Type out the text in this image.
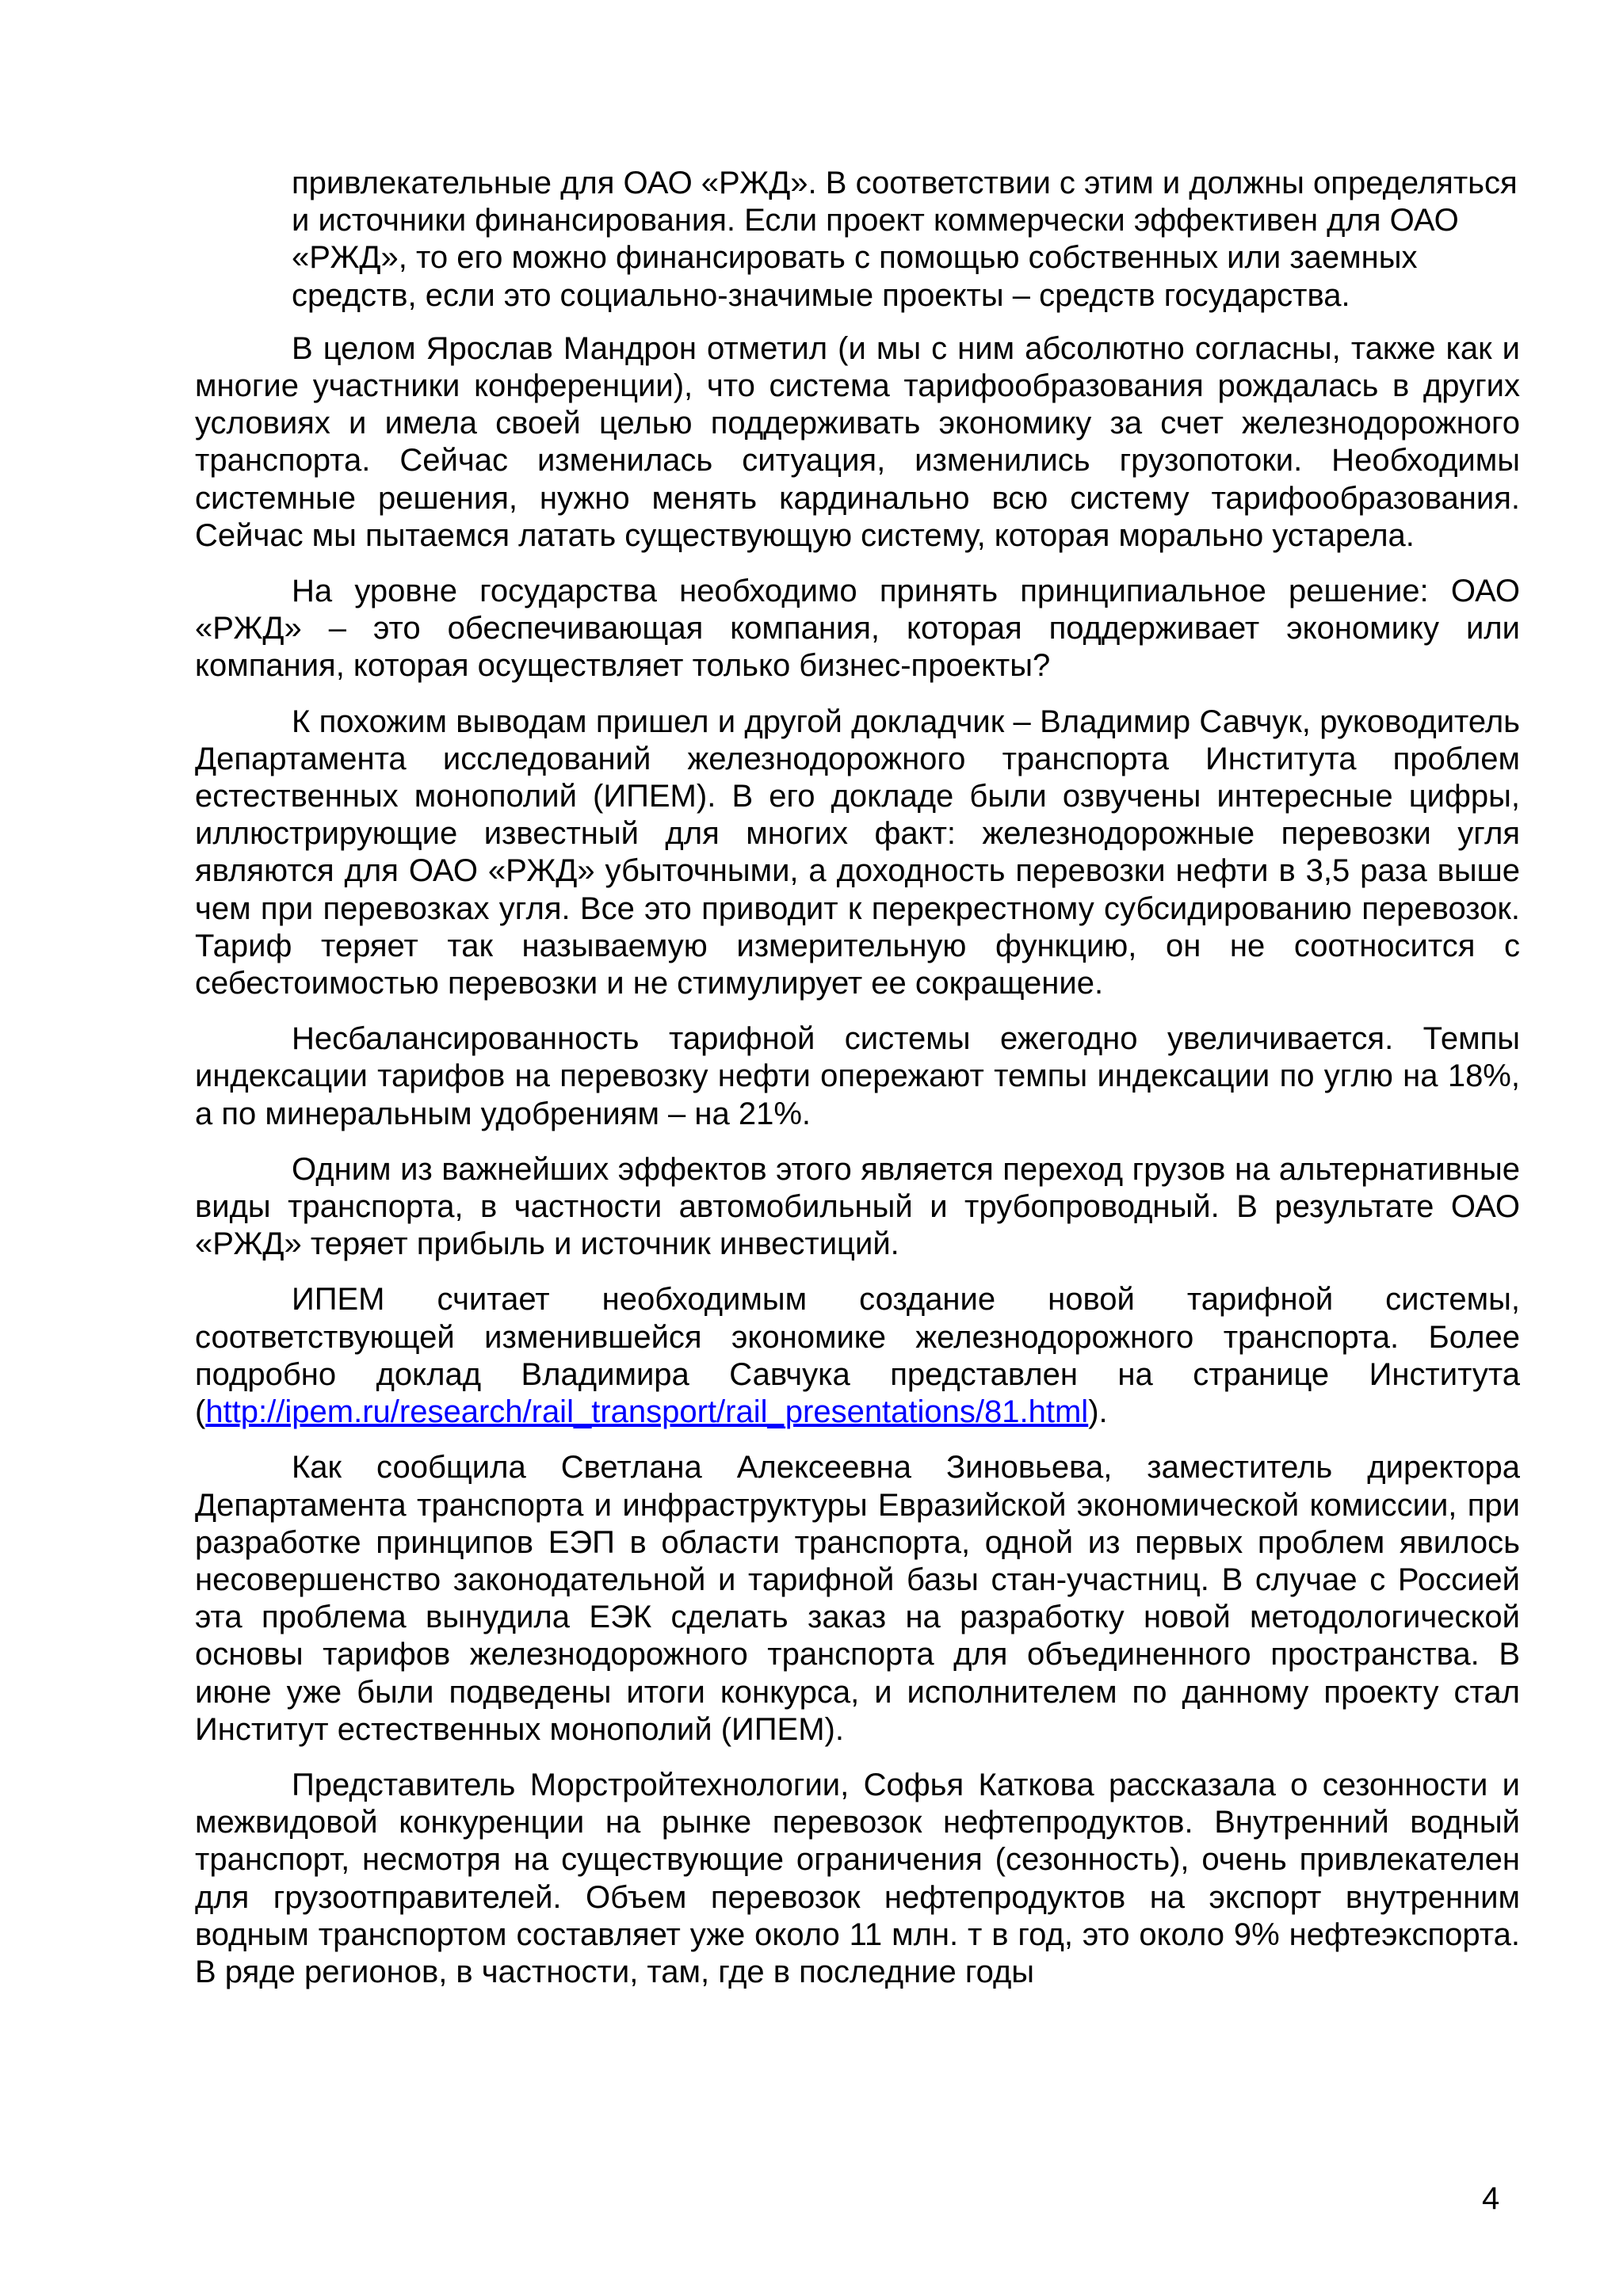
привлекательные для ОАО «РЖД». В соответствии с этим и должны определяться и источники финансирования. Если проект коммерчески эффективен для ОАО «РЖД», то его можно финансировать с помощью собственных или заемных средств, если это социально-значимые проекты – средств государства.

В целом Ярослав Мандрон отметил (и мы с ним абсолютно согласны, также как и многие участники конференции), что система тарифообразования рождалась в других условиях и имела своей целью поддерживать экономику за счет железнодорожного транспорта. Сейчас изменилась ситуация, изменились грузопотоки. Необходимы системные решения, нужно менять кардинально всю систему тарифообразования. Сейчас мы пытаемся латать существующую систему, которая морально устарела.

На уровне государства необходимо принять принципиальное решение: ОАО «РЖД» – это обеспечивающая компания, которая поддерживает экономику или компания, которая осуществляет только бизнес-проекты?

К похожим выводам пришел и другой докладчик – Владимир Савчук, руководитель Департамента исследований железнодорожного транспорта Института проблем естественных монополий (ИПЕМ). В его докладе были озвучены интересные цифры, иллюстрирующие известный для многих факт: железнодорожные перевозки угля являются для ОАО «РЖД» убыточными, а доходность перевозки нефти в 3,5 раза выше чем при перевозках угля. Все это приводит к перекрестному субсидированию перевозок. Тариф теряет так называемую измерительную функцию, он не соотносится с себестоимостью перевозки и не стимулирует ее сокращение.

Несбалансированность тарифной системы ежегодно увеличивается. Темпы индексации тарифов на перевозку нефти опережают темпы индексации по углю на 18%, а по минеральным удобрениям – на 21%.

Одним из важнейших эффектов этого является переход грузов на альтернативные виды транспорта, в частности автомобильный и трубопроводный. В результате ОАО «РЖД» теряет прибыль и источник инвестиций.

ИПЕМ считает необходимым создание новой тарифной системы, соответствующей изменившейся экономике железнодорожного транспорта. Более подробно доклад Владимира Савчука представлен на странице Института (http://ipem.ru/research/rail_transport/rail_presentations/81.html).

Как сообщила Светлана Алексеевна Зиновьева, заместитель директора Департамента транспорта и инфраструктуры Евразийской экономической комиссии, при разработке принципов ЕЭП в области транспорта, одной из первых проблем явилось несовершенство законодательной и тарифной базы стан-участниц. В случае с Россией эта проблема вынудила ЕЭК сделать заказ на разработку новой методологической основы тарифов железнодорожного транспорта для объединенного пространства. В июне уже были подведены итоги конкурса, и исполнителем по данному проекту стал Институт естественных монополий (ИПЕМ).

Представитель Морстройтехнологии, Софья Каткова рассказала о сезонности и межвидовой конкуренции на рынке перевозок нефтепродуктов. Внутренний водный транспорт, несмотря на существующие ограничения (сезонность), очень привлекателен для грузоотправителей. Объем перевозок нефтепродуктов на экспорт внутренним водным транспортом составляет уже около 11 млн. т в год, это около 9% нефтеэкспорта. В ряде регионов, в частности, там, где в последние годы

4
